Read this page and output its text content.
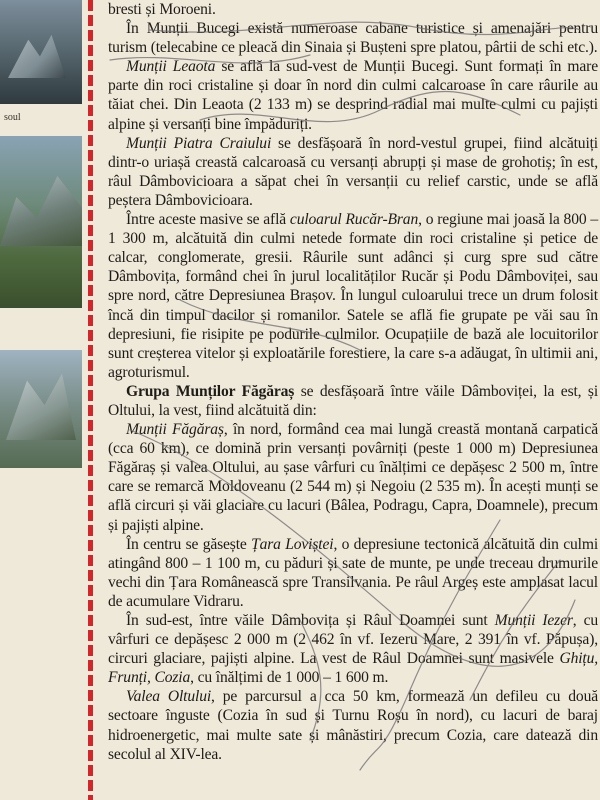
soul

bresti și Moroeni.

În Munții Bucegi există numeroase cabane turistice și amenajări pentru turism (telecabine ce pleacă din Sinaia și Bușteni spre platou, pârtii de schi etc.).

Munții Leaota se află la sud-vest de Munții Bucegi. Sunt formați în mare parte din roci cristaline și doar în nord din culmi calcaroase în care râurile au tăiat chei. Din Leaota (2 133 m) se desprind radial mai multe culmi cu pajiști alpine și versanți bine împăduriți.

Munții Piatra Craiului se desfășoară în nord-vestul grupei, fiind alcătuiți dintr-o uriașă creastă calcaroasă cu versanți abrupți și mase de grohotiș; în est, râul Dâmbovicioara a săpat chei în versanții cu relief carstic, unde se află peștera Dâmbovicioara.

Între aceste masive se află culoarul Rucăr-Bran, o regiune mai joasă la 800 – 1 300 m, alcătuită din culmi netede formate din roci cristaline și petice de calcar, conglomerate, gresii. Râurile sunt adânci și curg spre sud către Dâmbovița, formând chei în jurul localităților Rucăr și Podu Dâmboviței, sau spre nord, către Depresiunea Brașov. În lungul culoarului trece un drum folosit încă din timpul dacilor și romanilor. Satele se află fie grupate pe văi sau în depresiuni, fie risipite pe podurile culmilor. Ocupațiile de bază ale locuitorilor sunt creșterea vitelor și exploatările forestiere, la care s-a adăugat, în ultimii ani, agroturismul.

Grupa Munților Făgăraș se desfășoară între văile Dâmboviței, la est, și Oltului, la vest, fiind alcătuită din:

Munții Făgăraș, în nord, formând cea mai lungă creastă montană carpatică (cca 60 km), ce domină prin versanți povârniți (peste 1 000 m) Depresiunea Făgăraș și valea Oltului, au șase vârfuri cu înălțimi ce depășesc 2 500 m, între care se remarcă Moldoveanu (2 544 m) și Negoiu (2 535 m). În acești munți se află circuri și văi glaciare cu lacuri (Bâlea, Podragu, Capra, Doamnele), precum și pajiști alpine.

În centru se găsește Țara Loviștei, o depresiune tectonică alcătuită din culmi atingând 800 – 1 100 m, cu păduri și sate de munte, pe unde treceau drumurile vechi din Țara Românească spre Transilvania. Pe râul Argeș este amplasat lacul de acumulare Vidraru.

În sud-est, între văile Dâmbovița și Râul Doamnei sunt Munții Iezer, cu vârfuri ce depășesc 2 000 m (2 462 în vf. Iezeru Mare, 2 391 în vf. Păpușa), circuri glaciare, pajiști alpine. La vest de Râul Doamnei sunt masivele Ghițu, Frunți, Cozia, cu înălțimi de 1 000 – 1 600 m.

Valea Oltului, pe parcursul a cca 50 km, formează un defileu cu două sectoare înguste (Cozia în sud și Turnu Roșu în nord), cu lacuri de baraj hidroenergetic, mai multe sate și mânăstiri, precum Cozia, care datează din secolul al XIV-lea.
